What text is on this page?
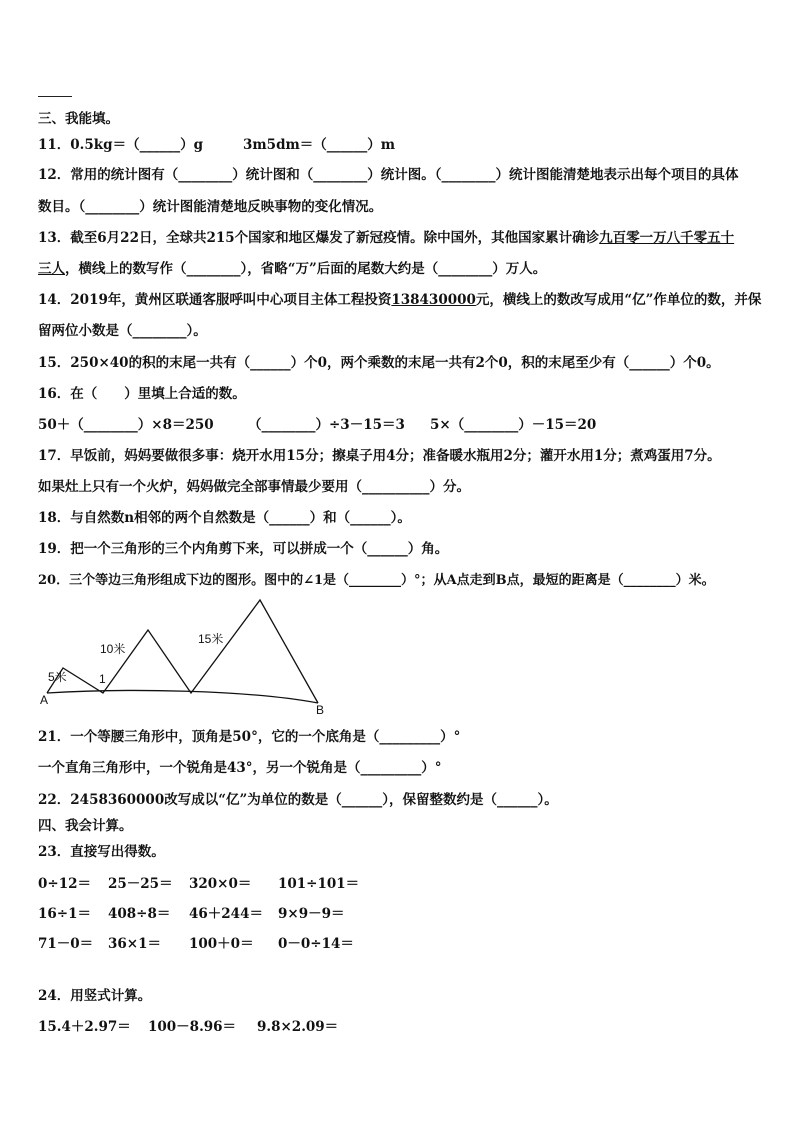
三、我能填。
11．0.5kg＝（______）g	3m5dm＝（______）m
12．常用的统计图有（________）统计图和（________）统计图。（________）统计图能清楚地表示出每个项目的具体
数目。（________）统计图能清楚地反映事物的变化情况。
13．截至6月22日，全球共215个国家和地区爆发了新冠疫情。除中国外，其他国家累计确诊九百零一万八千零五十
三人，横线上的数写作（________），省略“万”后面的尾数大约是（________）万人。
14．2019年，黄州区联通客服呼叫中心项目主体工程投资138430000元，横线上的数改写成用“亿”作单位的数，并保
留两位小数是（________）。
15．250×40的积的末尾一共有（______）个0，两个乘数的末尾一共有2个0，积的末尾至少有（______）个0。
16．在（　　）里填上合适的数。
50＋（________）×8＝250	（________）÷3－15＝3 5×（________）－15＝20
17．早饭前，妈妈要做很多事：烧开水用15分；擦桌子用4分；准备暖水瓶用2分；灌开水用1分；煮鸡蛋用7分。
如果灶上只有一个火炉，妈妈做完全部事情最少要用（__________）分。
18．与自然数n相邻的两个自然数是（______）和（______）。
19．把一个三角形的三个内角剪下来，可以拼成一个（______）角。
20．三个等边三角形组成下边的图形。图中的∠1是（________）°；从A点走到B点，最短的距离是（________）米。
5米
10米
15米
1
A
B
21．一个等腰三角形中，顶角是50°，它的一个底角是（_________）°
一个直角三角形中，一个锐角是43°，另一个锐角是（_________）°
22．2458360000改写成以“亿”为单位的数是（______），保留整数约是（______）。
四、我会计算。
23．直接写出得数。
0÷12＝ 25－25＝ 320×0＝ 101÷101＝
16÷1＝ 408÷8＝ 46＋244＝ 9×9－9＝
71－0＝ 36×1＝ 100＋0＝ 0－0÷14＝
24．用竖式计算。
15.4＋2.97＝ 100－8.96＝ 9.8×2.09＝
